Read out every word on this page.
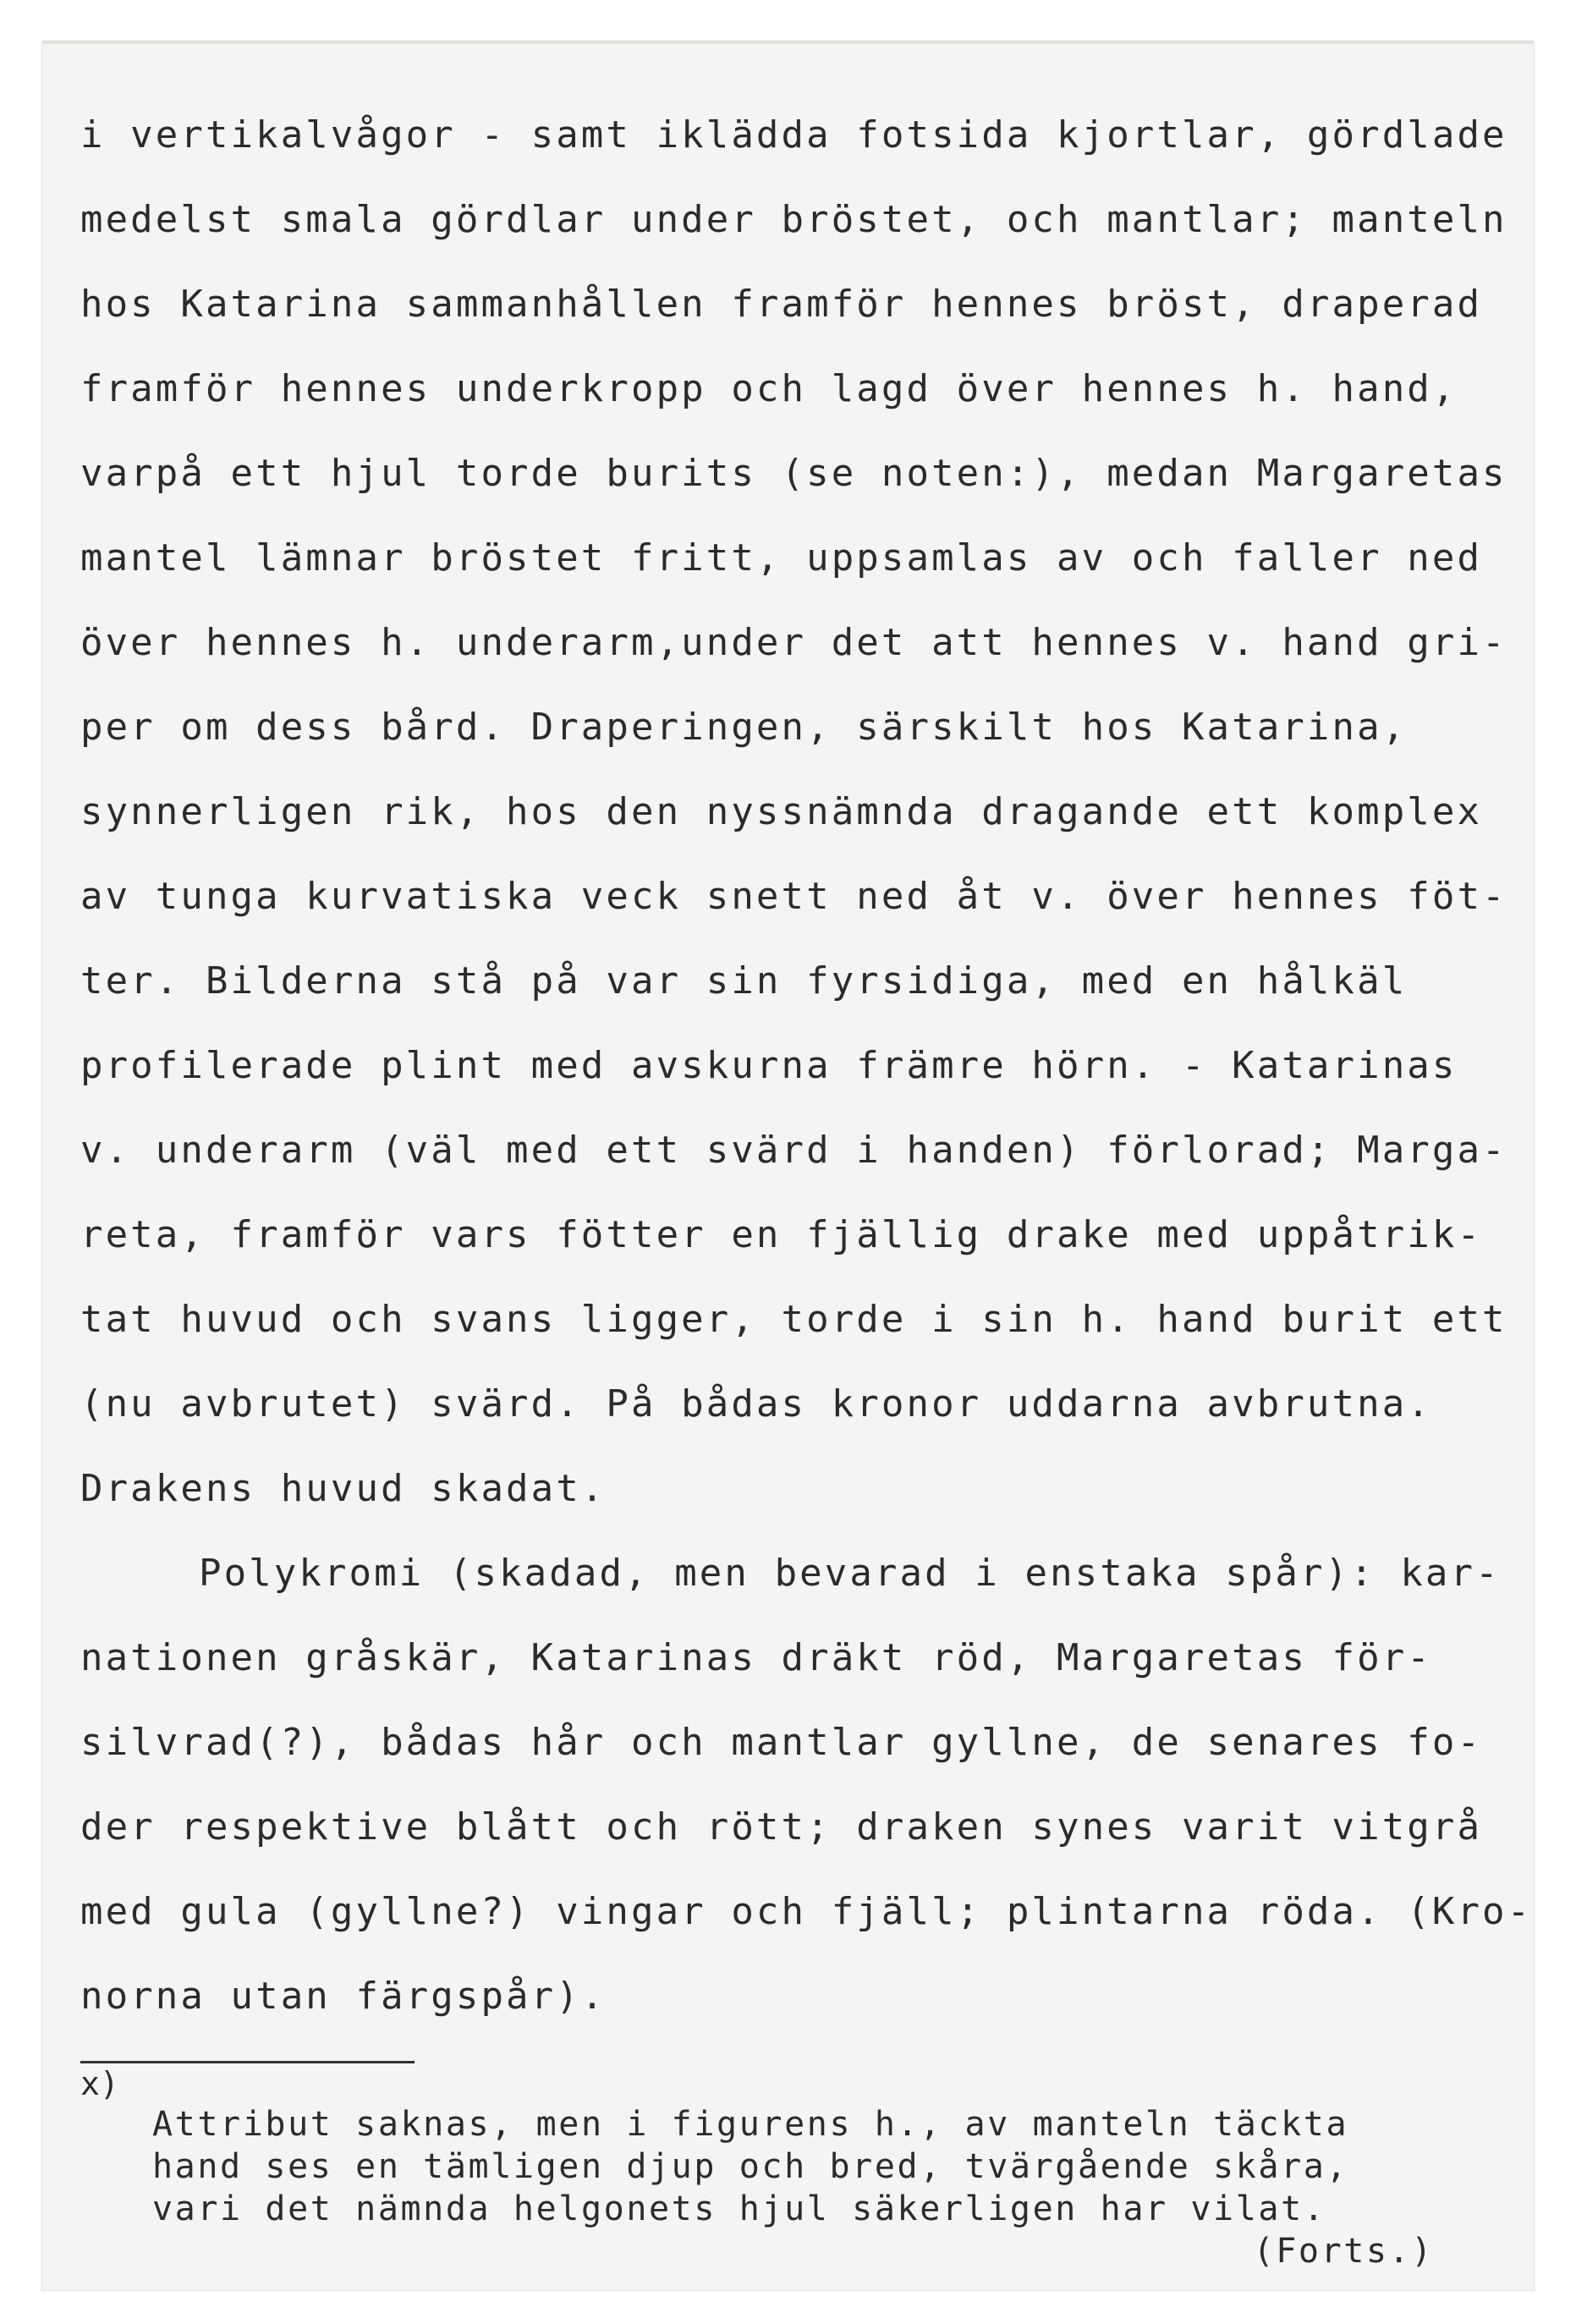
i vertikalvågor - samt iklädda fotsida kjortlar, gördlade
medelst smala gördlar under bröstet, och mantlar; manteln
hos Katarina sammanhållen framför hennes bröst, draperad
framför hennes underkropp och lagd över hennes h. hand,
varpå ett hjul torde burits (se noten:), medan Margaretas
mantel lämnar bröstet fritt, uppsamlas av och faller ned
över hennes h. underarm,under det att hennes v. hand gri-
per om dess bård. Draperingen, särskilt hos Katarina,
synnerligen rik, hos den nyssnämnda dragande ett komplex
av tunga kurvatiska veck snett ned åt v. över hennes föt-
ter. Bilderna stå på var sin fyrsidiga, med en hålkäl
profilerade plint med avskurna främre hörn. - Katarinas
v. underarm (väl med ett svärd i handen) förlorad; Marga-
reta, framför vars fötter en fjällig drake med uppåtrik-
tat huvud och svans ligger, torde i sin h. hand burit ett
(nu avbrutet) svärd. På bådas kronor uddarna avbrutna.
Drakens huvud skadat.
Polykromi (skadad, men bevarad i enstaka spår): kar-
nationen gråskär, Katarinas dräkt röd, Margaretas för-
silvrad(?), bådas hår och mantlar gyllne, de senares fo-
der respektive blått och rött; draken synes varit vitgrå
med gula (gyllne?) vingar och fjäll; plintarna röda. (Kro-
norna utan färgspår).
x)
Attribut saknas, men i figurens h., av manteln täckta
hand ses en tämligen djup och bred, tvärgående skåra,
vari det nämnda helgonets hjul säkerligen har vilat.
(Forts.)
